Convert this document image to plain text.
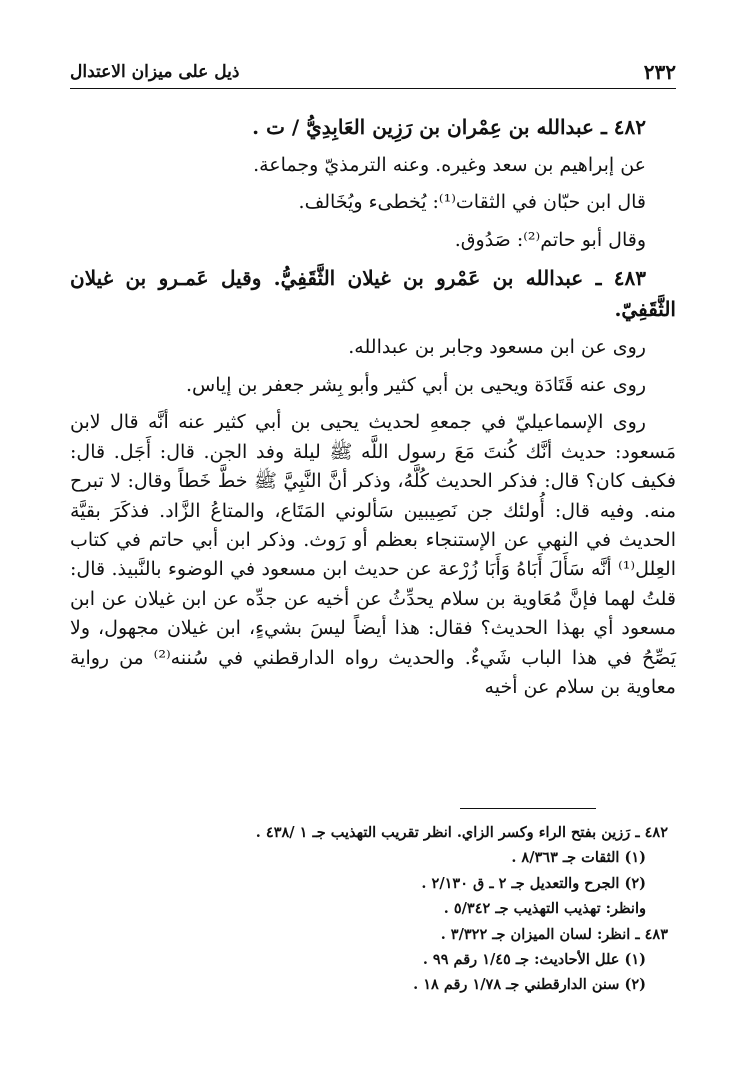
٢٣٢
ذيل على ميزان الاعتدال

٤٨٢ ـ عبدالله بن عِمْران بن رَزِين العَابِدِيُّ / ت .

عن إبراهيم بن سعد وغيره. وعنه الترمذيّ وجماعة.

قال ابن حبّان في الثقات⁽¹⁾: يُخطىء ويُخَالف.

وقال أبو حاتم⁽²⁾: صَدُوق.

٤٨٣ ـ عبدالله بن عَمْرو بن غيلان الثَّقَفِيُّ. وقيل عَمـرو بن غيلان الثَّقَفِيّ.

روى عن ابن مسعود وجابر بن عبدالله.

روى عنه قَتَادَة ويحيى بن أبي كثير وأبو بِشر جعفر بن إياس.

روى الإسماعيليّ في جمعهِ لحديث يحيى بن أبي كثير عنه أنَّه قال لابن مَسعود: حديث أنَّك كُنتَ مَعَ رسول اللَّه ﷺ ليلة وفد الجن. قال: أَجَل. قال: فكيف كان؟ قال: فذكر الحديث كُلَّهُ، وذكر أنَّ النَّبِيَّ ﷺ خطَّ خَطاً وقال: لا تبرح منه. وفيه قال: أُولئك جن نَصِيبين سَألوني المَتَاع، والمتاعُ الزَّاد. فذكَرَ بقيَّة الحديث في النهي عن الإستنجاء بعظم أو رَوث. وذكر ابن أبي حاتم في كتاب العِلل⁽¹⁾ أنَّه سَأَلَ أَبَاهُ وَأَبَا زُرْعة عن حديث ابن مسعود في الوضوء بالنَّبيذ. قال: قلتُ لهما فإنَّ مُعَاوية بن سلام يحدِّثُ عن أخيه عن جدِّه عن ابن غيلان عن ابن مسعود أي بهذا الحديث؟ فقال: هذا أيضاً ليسَ بشيءٍ، ابن غيلان مجهول، ولا يَصِّحُ في هذا الباب شَيءٌ. والحديث رواه الدارقطني في سُننه⁽²⁾ من رواية معاوية بن سلام عن أخيه

٤٨٢ ـ رَزين بفتح الراء وكسر الزاي. انظر تقريب التهذيب جـ ١ /٤٣٨ .
(١) الثقات جـ ٨/٣٦٣ .
(٢) الجرح والتعديل جـ ٢ ـ ق ٢/١٣٠ .
وانظر: تهذيب التهذيب جـ ٥/٣٤٢ .
٤٨٣ ـ انظر: لسان الميزان جـ ٣/٣٢٢ .
(١) علل الأحاديث: جـ ١/٤٥ رقم ٩٩ .
(٢) سنن الدارقطني جـ ١/٧٨ رقم ١٨ .
